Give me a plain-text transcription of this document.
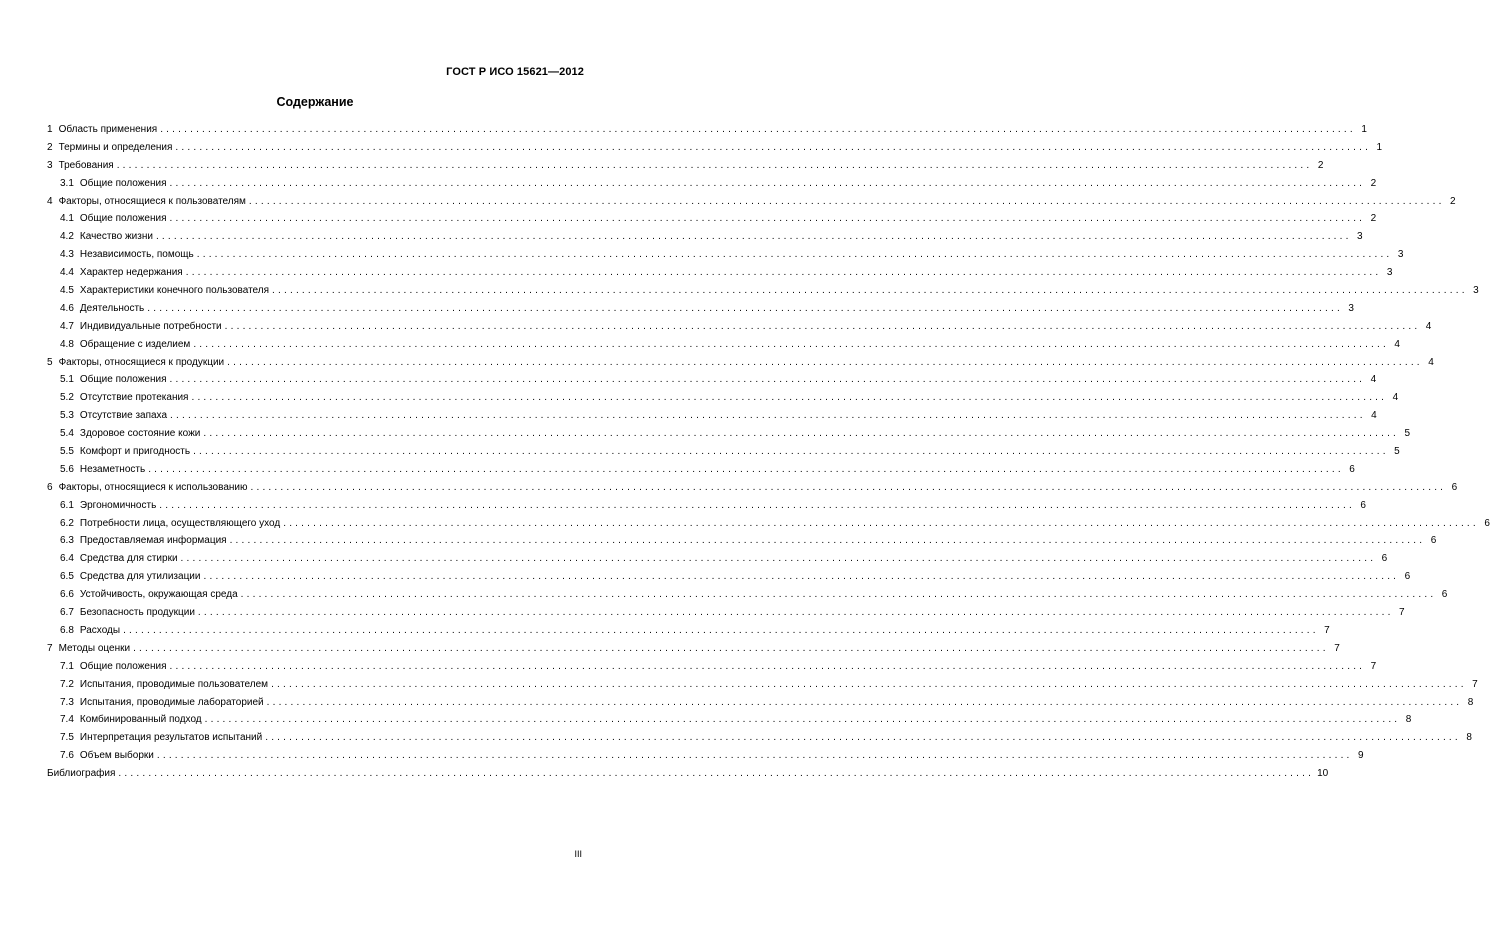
ГОСТ Р ИСО 15621—2012
Содержание
1 Область применения ........................................................................................................................................................................................................ 1
2 Термины и определения ........................................................................................................................................................................................................ 1
3 Требования ........................................................................................................................................................................................................ 2
3.1 Общие положения ........................................................................................................................................................................................................ 2
4 Факторы, относящиеся к пользователям ........................................................................................................................................................................................................ 2
4.1 Общие положения ........................................................................................................................................................................................................ 2
4.2 Качество жизни ........................................................................................................................................................................................................ 3
4.3 Независимость, помощь ........................................................................................................................................................................................................ 3
4.4 Характер недержания ........................................................................................................................................................................................................ 3
4.5 Характеристики конечного пользователя ........................................................................................................................................................................................................ 3
4.6 Деятельность ........................................................................................................................................................................................................ 3
4.7 Индивидуальные потребности ........................................................................................................................................................................................................ 4
4.8 Обращение с изделием ........................................................................................................................................................................................................ 4
5 Факторы, относящиеся к продукции ........................................................................................................................................................................................................ 4
5.1 Общие положения ........................................................................................................................................................................................................ 4
5.2 Отсутствие протекания ........................................................................................................................................................................................................ 4
5.3 Отсутствие запаха ........................................................................................................................................................................................................ 4
5.4 Здоровое состояние кожи ........................................................................................................................................................................................................ 5
5.5 Комфорт и пригодность ........................................................................................................................................................................................................ 5
5.6 Незаметность ........................................................................................................................................................................................................ 6
6 Факторы, относящиеся к использованию ........................................................................................................................................................................................................ 6
6.1 Эргономичность ........................................................................................................................................................................................................ 6
6.2 Потребности лица, осуществляющего уход ........................................................................................................................................................................................................ 6
6.3 Предоставляемая информация ........................................................................................................................................................................................................ 6
6.4 Средства для стирки ........................................................................................................................................................................................................ 6
6.5 Средства для утилизации ........................................................................................................................................................................................................ 6
6.6 Устойчивость, окружающая среда ........................................................................................................................................................................................................ 6
6.7 Безопасность продукции ........................................................................................................................................................................................................ 7
6.8 Расходы ........................................................................................................................................................................................................ 7
7 Методы оценки ........................................................................................................................................................................................................ 7
7.1 Общие положения ........................................................................................................................................................................................................ 7
7.2 Испытания, проводимые пользователем ........................................................................................................................................................................................................ 7
7.3 Испытания, проводимые лабораторией ........................................................................................................................................................................................................ 8
7.4 Комбинированный подход ........................................................................................................................................................................................................ 8
7.5 Интерпретация результатов испытаний ........................................................................................................................................................................................................ 8
7.6 Объем выборки ........................................................................................................................................................................................................ 9
Библиография ........................................................................................................................................................................................................ 10
III
